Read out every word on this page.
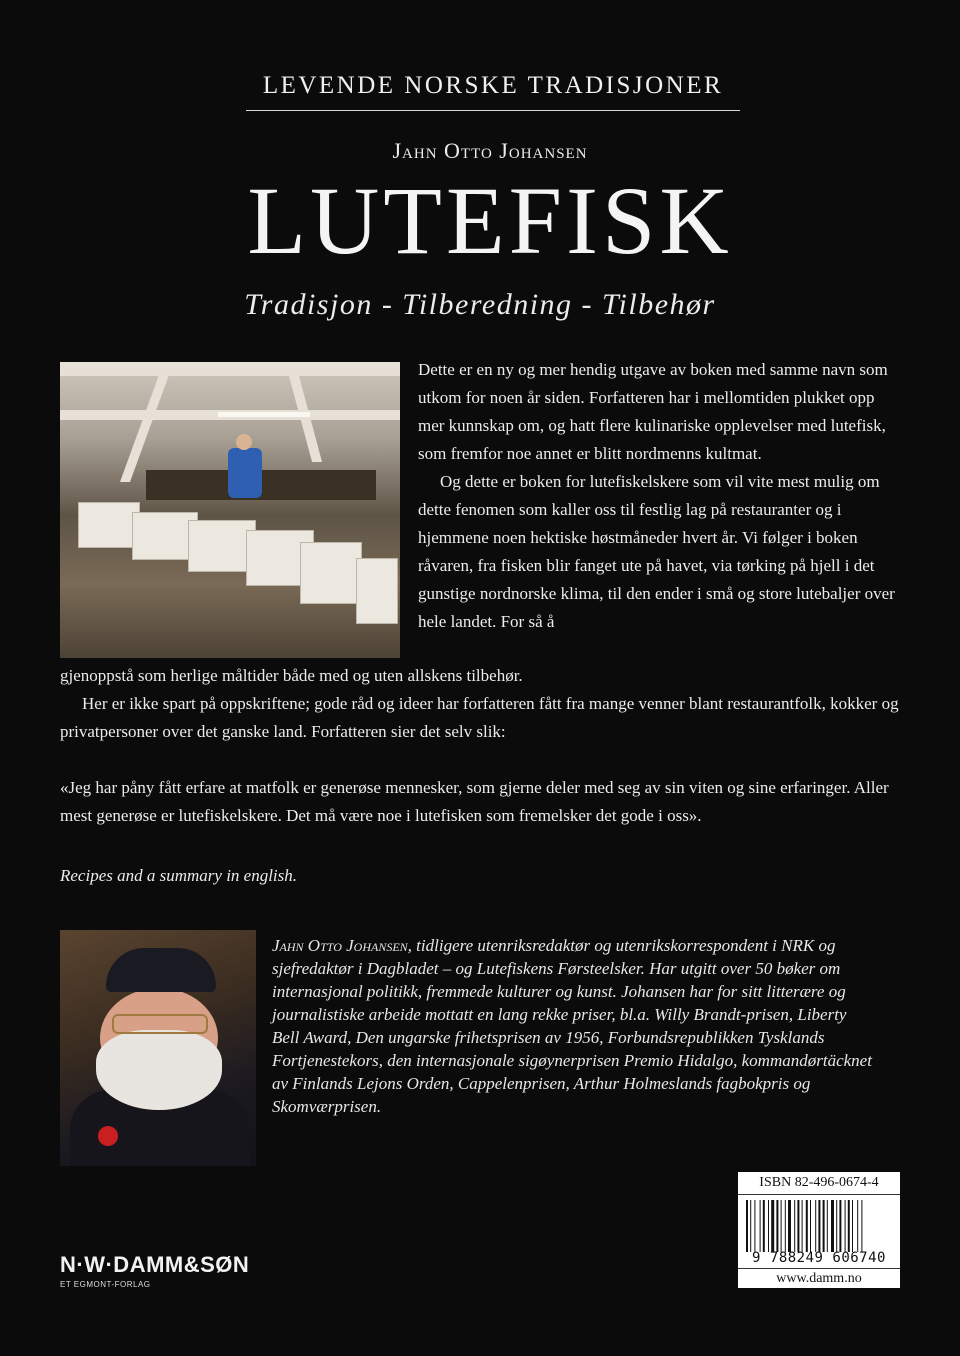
LEVENDE NORSKE TRADISJONER
Jahn Otto Johansen
LUTEFISK
Tradisjon - Tilberedning - Tilbehør

Dette er en ny og mer hendig utgave av boken med samme navn som utkom for noen år siden. Forfatteren har i mellomtiden plukket opp mer kunnskap om, og hatt flere kulinariske opplevelser med lutefisk, som fremfor noe annet er blitt nordmenns kultmat.

Og dette er boken for lutefiskelskere som vil vite mest mulig om dette fenomen som kaller oss til festlig lag på restauranter og i hjemmene noen hektiske høstmåneder hvert år. Vi følger i boken råvaren, fra fisken blir fanget ute på havet, via tørking på hjell i det gunstige nordnorske klima, til den ender i små og store lutebaljer over hele landet. For så å

gjenoppstå som herlige måltider både med og uten allskens tilbehør.

Her er ikke spart på oppskriftene; gode råd og ideer har forfatteren fått fra mange venner blant restaurantfolk, kokker og privatpersoner over det ganske land. Forfatteren sier det selv slik:

«Jeg har påny fått erfare at matfolk er generøse mennesker, som gjerne deler med seg av sin viten og sine erfaringer. Aller mest generøse er lutefiskelskere. Det må være noe i lutefisken som fremelsker det gode i oss».

Recipes and a summary in english.

Jahn Otto Johansen, tidligere utenriksredaktør og utenrikskorrespondent i NRK og sjefredaktør i Dagbladet – og Lutefiskens Førsteelsker. Har utgitt over 50 bøker om internasjonal politikk, fremmede kulturer og kunst. Johansen har for sitt litterære og journalistiske arbeide mottatt en lang rekke priser, bl.a. Willy Brandt-prisen, Liberty Bell Award, Den ungarske frihetsprisen av 1956, Forbundsrepublikken Tysklands Fortjenestekors, den internasjonale sigøynerprisen Premio Hidalgo, kommandørtäcknet av Finlands Lejons Orden, Cappelenprisen, Arthur Holmeslands fagbokpris og Skomværprisen.
ISBN 82-496-0674-4
9 788249 606740
www.damm.no
N·W·DAMM&SØN
ET EGMONT-FORLAG
